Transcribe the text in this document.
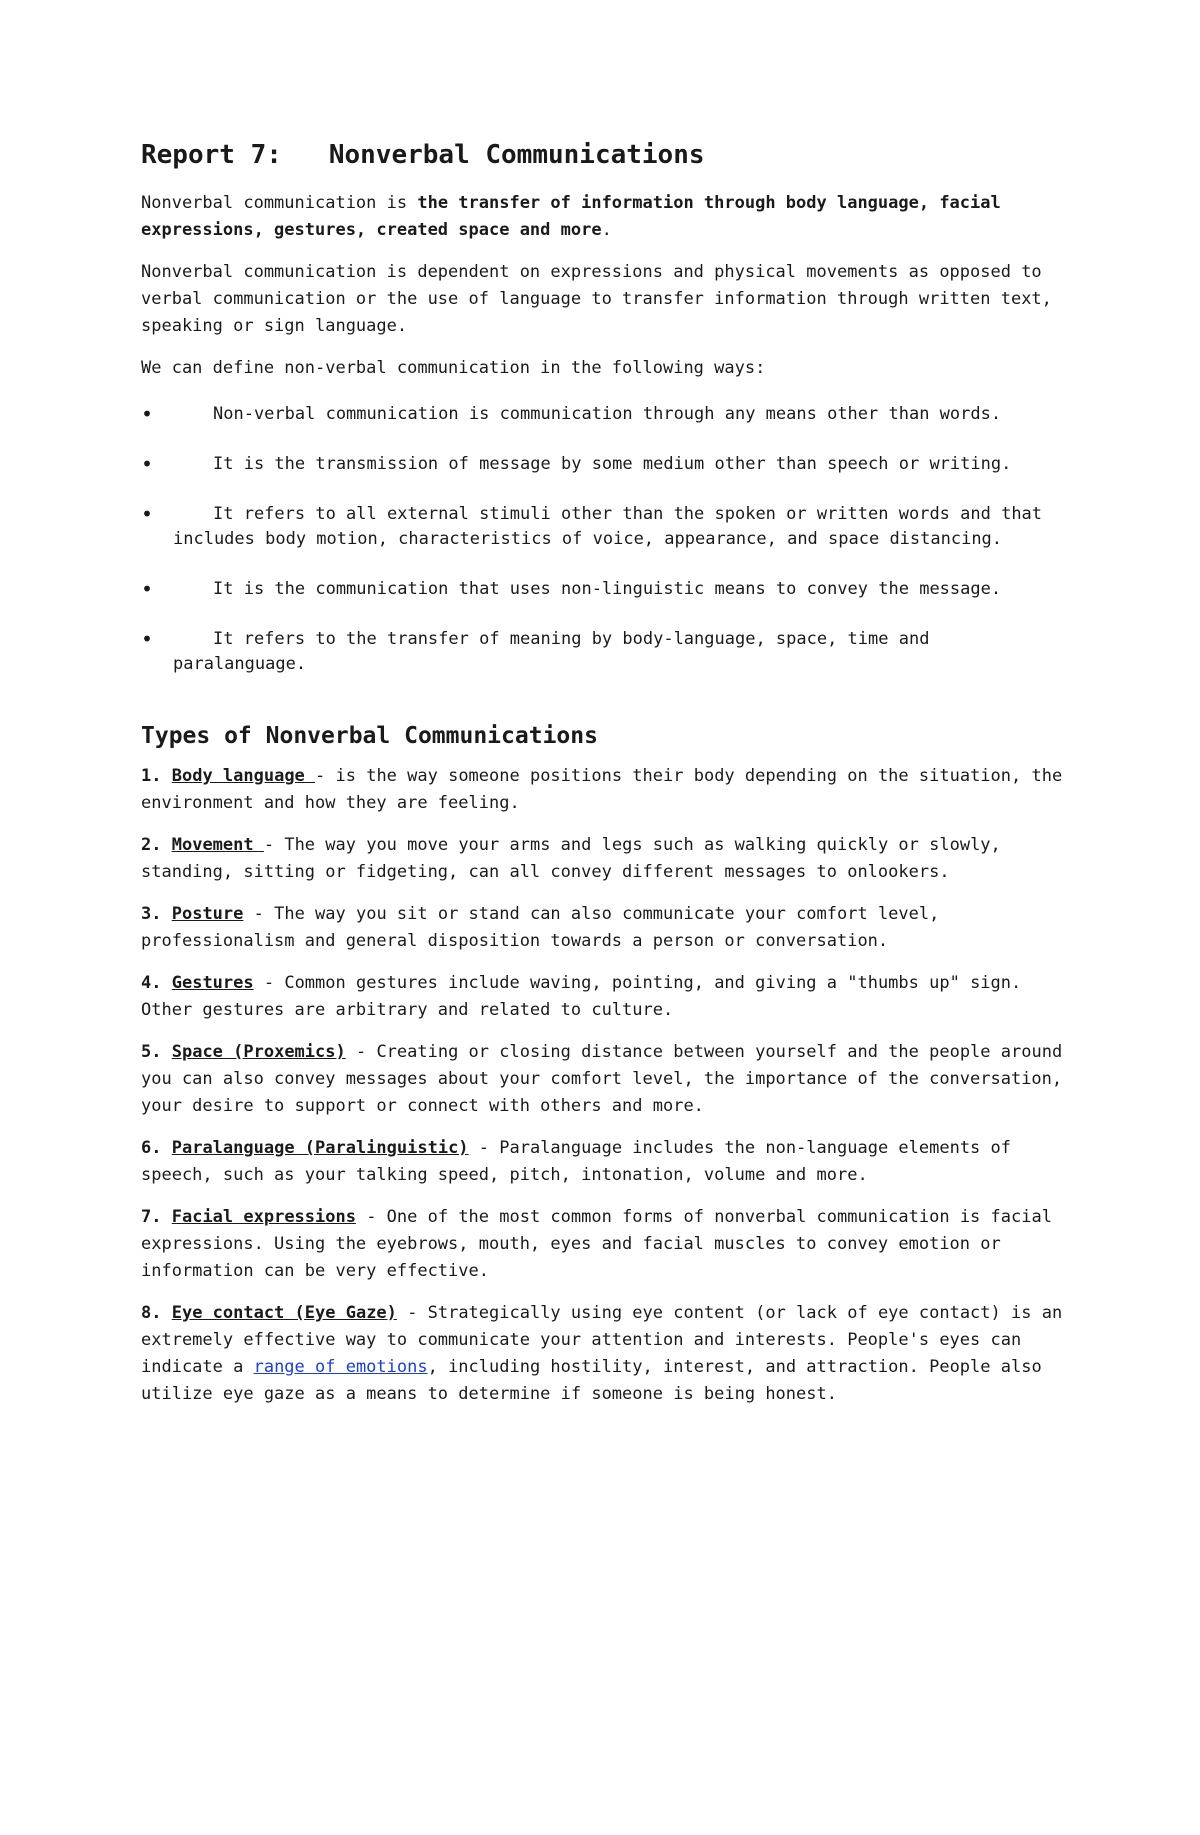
Report 7:   Nonverbal Communications

Nonverbal communication is the transfer of information through body language, facial expressions, gestures, created space and more.

Nonverbal communication is dependent on expressions and physical movements as opposed to verbal communication or the use of language to transfer information through written text, speaking or sign language.

We can define non-verbal communication in the following ways:

•	Non-verbal communication is communication through any means other than words.
•	It is the transmission of message by some medium other than speech or writing.
•	It refers to all external stimuli other than the spoken or written words and that includes body motion, characteristics of voice, appearance, and space distancing.
•	It is the communication that uses non-linguistic means to convey the message.
•	It refers to the transfer of meaning by body-language, space, time and paralanguage.
Types of Nonverbal Communications
1. Body language - is the way someone positions their body depending on the situation, the environment and how they are feeling.
2. Movement - The way you move your arms and legs such as walking quickly or slowly, standing, sitting or fidgeting, can all convey different messages to onlookers.
3. Posture - The way you sit or stand can also communicate your comfort level, professionalism and general disposition towards a person or conversation.
4. Gestures - Common gestures include waving, pointing, and giving a "thumbs up" sign. Other gestures are arbitrary and related to culture.
5. Space (Proxemics) - Creating or closing distance between yourself and the people around you can also convey messages about your comfort level, the importance of the conversation, your desire to support or connect with others and more.
6. Paralanguage (Paralinguistic) - Paralanguage includes the non-language elements of speech, such as your talking speed, pitch, intonation, volume and more.
7. Facial expressions - One of the most common forms of nonverbal communication is facial expressions. Using the eyebrows, mouth, eyes and facial muscles to convey emotion or information can be very effective.
8. Eye contact (Eye Gaze) - Strategically using eye content (or lack of eye contact) is an extremely effective way to communicate your attention and interests. People's eyes can indicate a range of emotions, including hostility, interest, and attraction. People also utilize eye gaze as a means to determine if someone is being honest.
